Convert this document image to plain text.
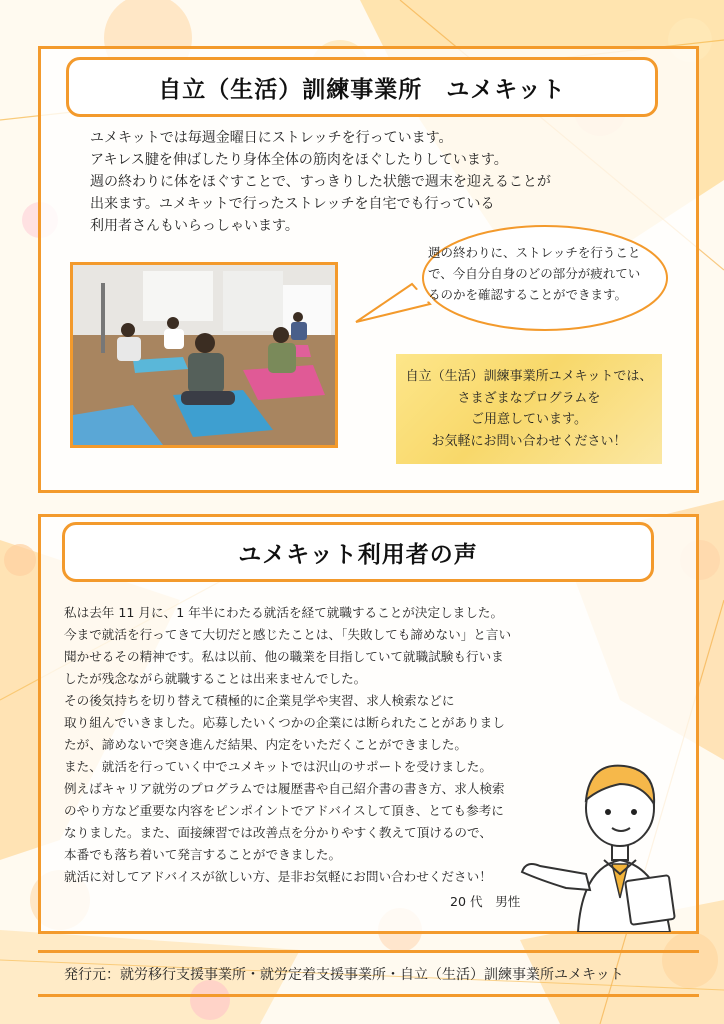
自立（生活）訓練事業所　ユメキット
ユメキットでは毎週金曜日にストレッチを行っています。
アキレス腱を伸ばしたり身体全体の筋肉をほぐしたりしています。
週の終わりに体をほぐすことで、すっきりした状態で週末を迎えることが
出来ます。ユメキットで行ったストレッチを自宅でも行っている
利用者さんもいらっしゃいます。
週の終わりに、ストレッチを行うこと
で、今自分自身のどの部分が疲れてい
るのかを確認することができます。
自立（生活）訓練事業所ユメキットでは、
さまざまなプログラムを
ご用意しています。
お気軽にお問い合わせください！
ユメキット利用者の声
私は去年 11 月に、1 年半にわたる就活を経て就職することが決定しました。
今まで就活を行ってきて大切だと感じたことは、「失敗しても諦めない」と言い
聞かせるその精神です。私は以前、他の職業を目指していて就職試験も行いま
したが残念ながら就職することは出来ませんでした。
その後気持ちを切り替えて積極的に企業見学や実習、求人検索などに
取り組んでいきました。応募したいくつかの企業には断られたことがありまし
たが、諦めないで突き進んだ結果、内定をいただくことができました。
また、就活を行っていく中でユメキットでは沢山のサポートを受けました。
例えばキャリア就労のプログラムでは履歴書や自己紹介書の書き方、求人検索
のやり方など重要な内容をピンポイントでアドバイスして頂き、とても参考に
なりました。また、面接練習では改善点を分かりやすく教えて頂けるので、
本番でも落ち着いて発言することができました。
就活に対してアドバイスが欲しい方、是非お気軽にお問い合わせください！
20 代　男性
発行元：就労移行支援事業所・就労定着支援事業所・自立（生活）訓練事業所ユメキット
